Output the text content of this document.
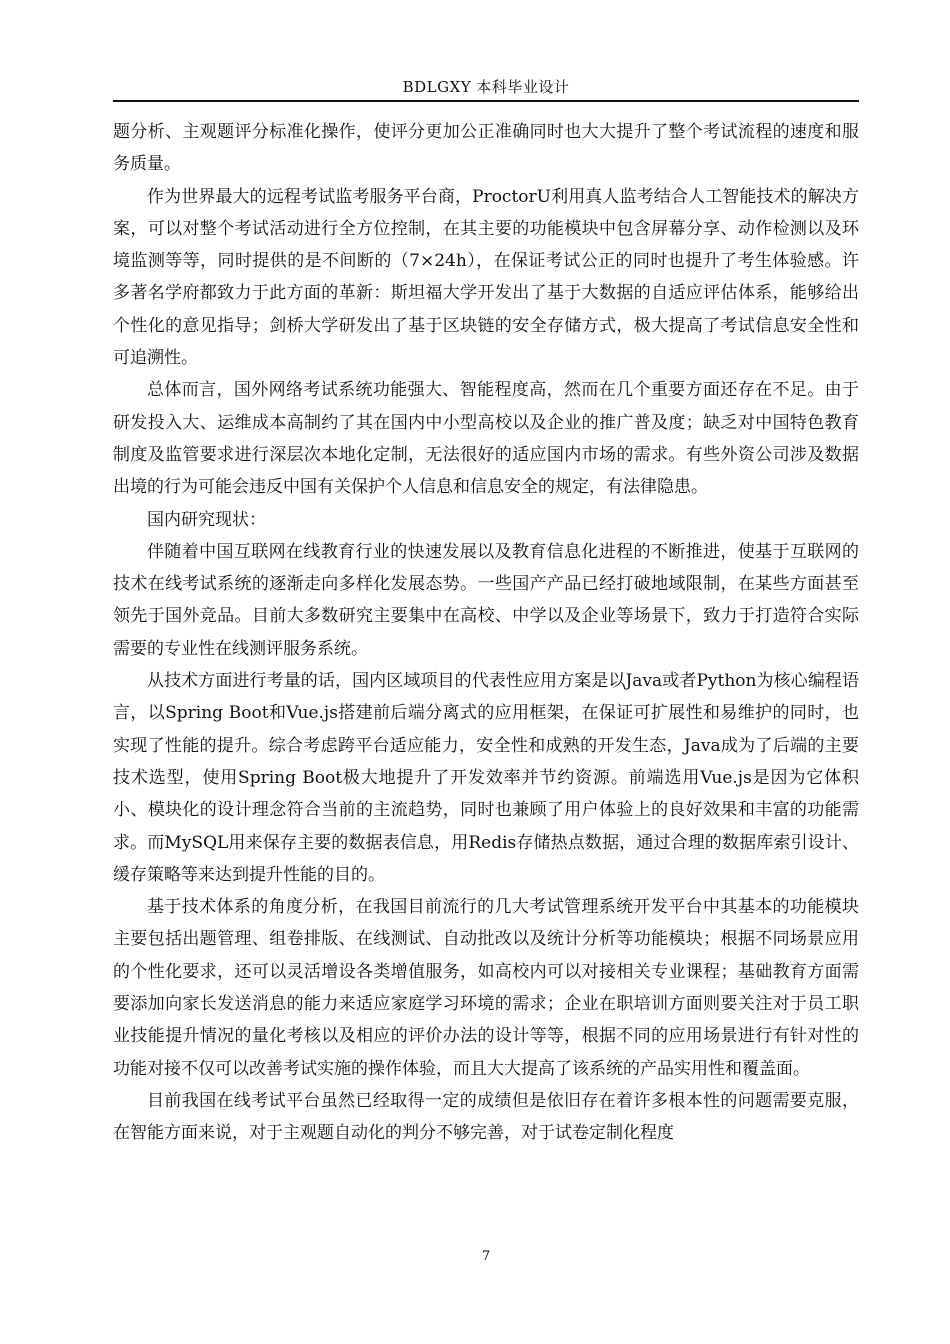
BDLGXY 本科毕业设计

题分析、主观题评分标准化操作，使评分更加公正准确同时也大大提升了整个考试流程的速度和服务质量。

作为世界最大的远程考试监考服务平台商，ProctorU利用真人监考结合人工智能技术的解决方案，可以对整个考试活动进行全方位控制，在其主要的功能模块中包含屏幕分享、动作检测以及环境监测等等，同时提供的是不间断的（7×24h），在保证考试公正的同时也提升了考生体验感。许多著名学府都致力于此方面的革新：斯坦福大学开发出了基于大数据的自适应评估体系，能够给出个性化的意见指导；剑桥大学研发出了基于区块链的安全存储方式，极大提高了考试信息安全性和可追溯性。

总体而言，国外网络考试系统功能强大、智能程度高，然而在几个重要方面还存在不足。由于研发投入大、运维成本高制约了其在国内中小型高校以及企业的推广普及度；缺乏对中国特色教育制度及监管要求进行深层次本地化定制，无法很好的适应国内市场的需求。有些外资公司涉及数据出境的行为可能会违反中国有关保护个人信息和信息安全的规定，有法律隐患。

国内研究现状：

伴随着中国互联网在线教育行业的快速发展以及教育信息化进程的不断推进，使基于互联网的技术在线考试系统的逐渐走向多样化发展态势。一些国产产品已经打破地域限制，在某些方面甚至领先于国外竞品。目前大多数研究主要集中在高校、中学以及企业等场景下，致力于打造符合实际需要的专业性在线测评服务系统。

从技术方面进行考量的话，国内区域项目的代表性应用方案是以Java或者Python为核心编程语言，以Spring Boot和Vue.js搭建前后端分离式的应用框架，在保证可扩展性和易维护的同时，也实现了性能的提升。综合考虑跨平台适应能力，安全性和成熟的开发生态，Java成为了后端的主要技术选型，使用Spring Boot极大地提升了开发效率并节约资源。前端选用Vue.js是因为它体积小、模块化的设计理念符合当前的主流趋势，同时也兼顾了用户体验上的良好效果和丰富的功能需求。而MySQL用来保存主要的数据表信息，用Redis存储热点数据，通过合理的数据库索引设计、缓存策略等来达到提升性能的目的。

基于技术体系的角度分析，在我国目前流行的几大考试管理系统开发平台中其基本的功能模块主要包括出题管理、组卷排版、在线测试、自动批改以及统计分析等功能模块；根据不同场景应用的个性化要求，还可以灵活增设各类增值服务，如高校内可以对接相关专业课程；基础教育方面需要添加向家长发送消息的能力来适应家庭学习环境的需求；企业在职培训方面则要关注对于员工职业技能提升情况的量化考核以及相应的评价办法的设计等等，根据不同的应用场景进行有针对性的功能对接不仅可以改善考试实施的操作体验，而且大大提高了该系统的产品实用性和覆盖面。

目前我国在线考试平台虽然已经取得一定的成绩但是依旧存在着许多根本性的问题需要克服，在智能方面来说，对于主观题自动化的判分不够完善，对于试卷定制化程度

7
